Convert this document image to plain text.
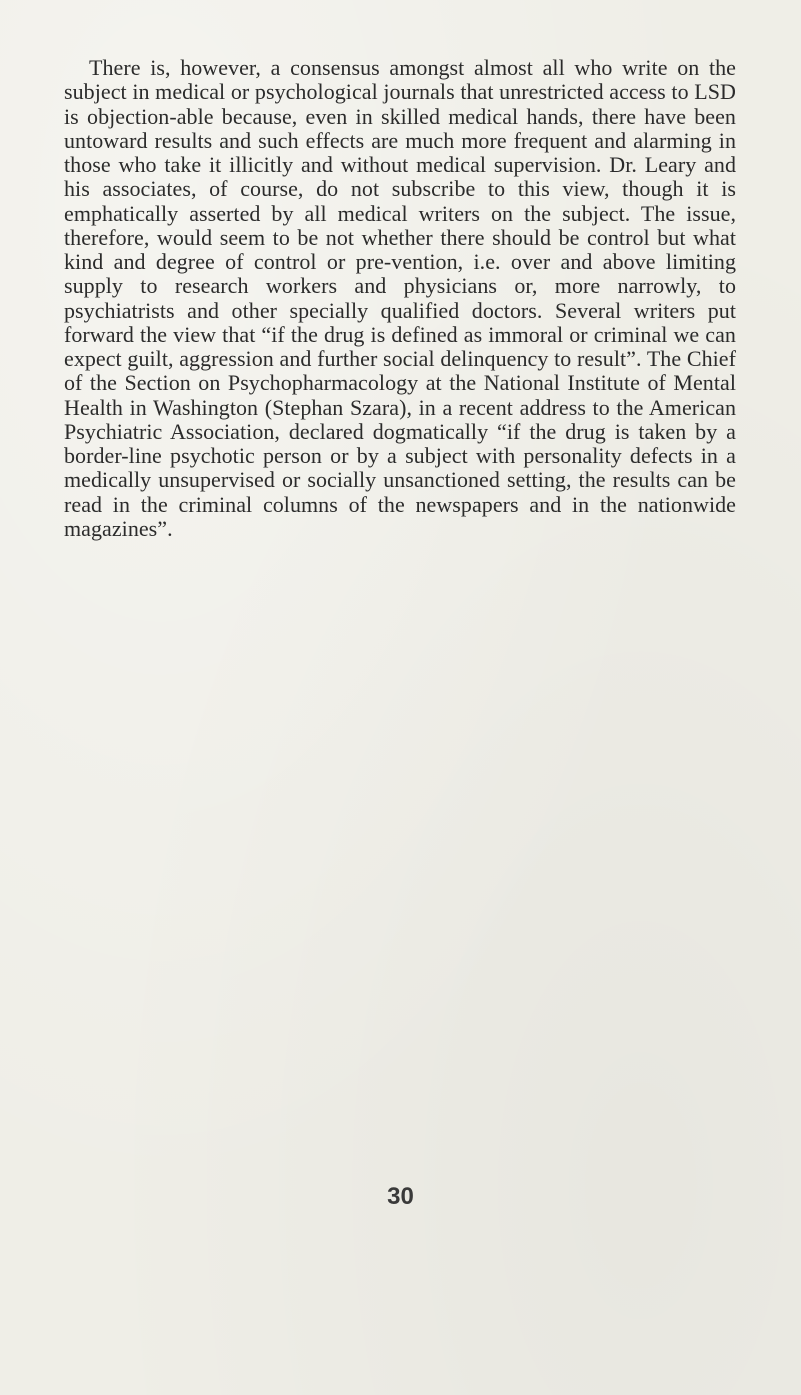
There is, however, a consensus amongst almost all who write on the subject in medical or psychological journals that unrestricted access to LSD is objection-able because, even in skilled medical hands, there have been untoward results and such effects are much more frequent and alarming in those who take it illicitly and without medical supervision. Dr. Leary and his associates, of course, do not subscribe to this view, though it is emphatically asserted by all medical writers on the subject. The issue, therefore, would seem to be not whether there should be control but what kind and degree of control or pre-vention, i.e. over and above limiting supply to research workers and physicians or, more narrowly, to psychiatrists and other specially qualified doctors. Several writers put forward the view that “if the drug is defined as immoral or criminal we can expect guilt, aggression and further social delinquency to result”. The Chief of the Section on Psychopharmacology at the National Institute of Mental Health in Washington (Stephan Szara), in a recent address to the American Psychiatric Association, declared dogmatically “if the drug is taken by a border-line psychotic person or by a subject with personality defects in a medically unsupervised or socially unsanctioned setting, the results can be read in the criminal columns of the newspapers and in the nationwide magazines”.
30
